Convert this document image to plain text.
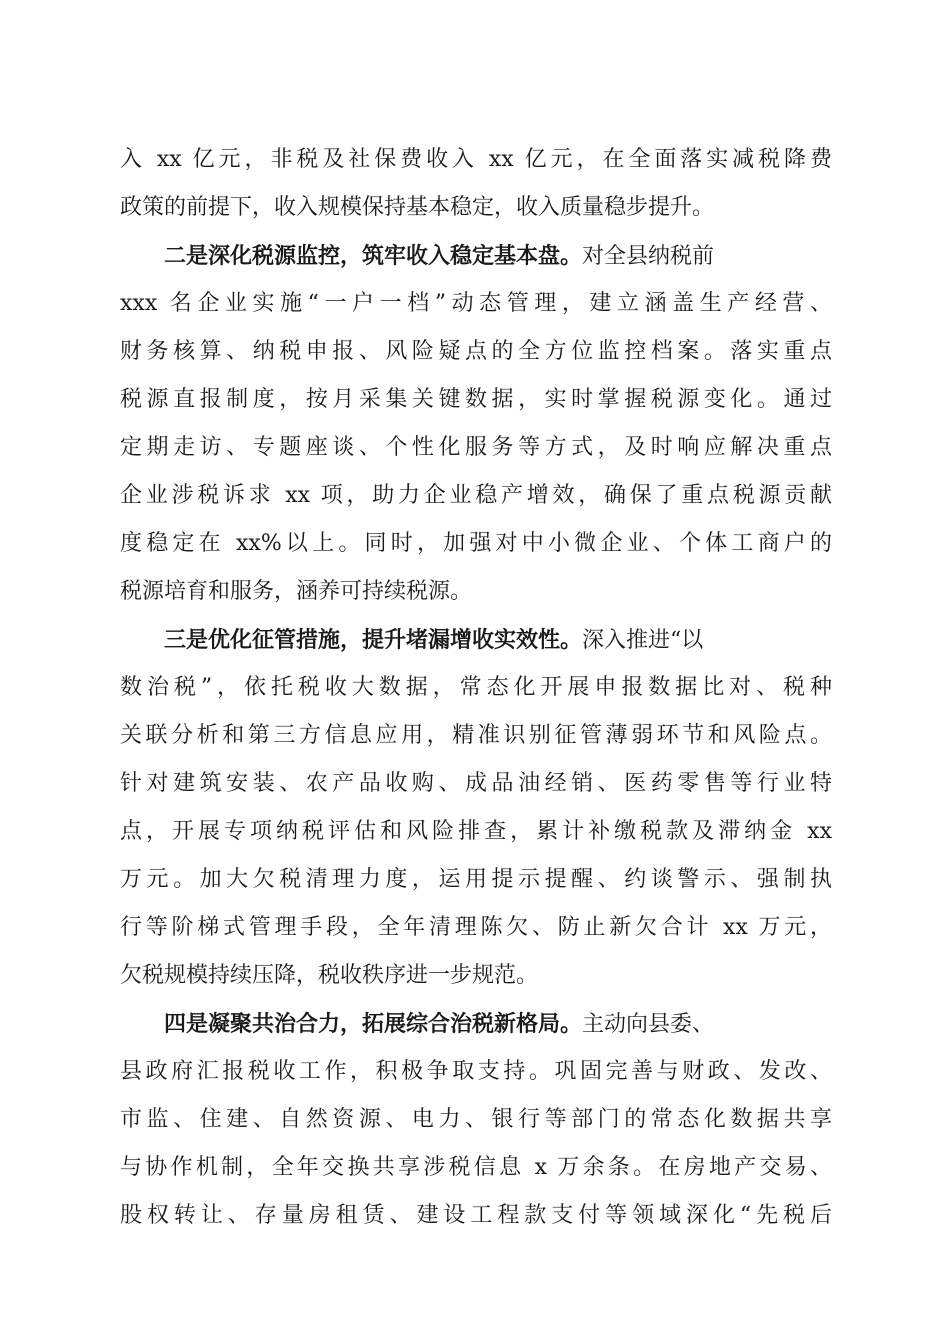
入 xx 亿元，非税及社保费收入 xx 亿元，在全面落实减税降费
政策的前提下，收入规模保持基本稳定，收入质量稳步提升。
二是深化税源监控，筑牢收入稳定基本盘。对全县纳税前
xxx 名企业实施“一户一档”动态管理，建立涵盖生产经营、
财务核算、纳税申报、风险疑点的全方位监控档案。落实重点
税源直报制度，按月采集关键数据，实时掌握税源变化。通过
定期走访、专题座谈、个性化服务等方式，及时响应解决重点
企业涉税诉求 xx 项，助力企业稳产增效，确保了重点税源贡献
度稳定在 xx%以上。同时，加强对中小微企业、个体工商户的
税源培育和服务，涵养可持续税源。
三是优化征管措施，提升堵漏增收实效性。深入推进“以
数治税”，依托税收大数据，常态化开展申报数据比对、税种
关联分析和第三方信息应用，精准识别征管薄弱环节和风险点。
针对建筑安装、农产品收购、成品油经销、医药零售等行业特
点，开展专项纳税评估和风险排查，累计补缴税款及滞纳金 xx
万元。加大欠税清理力度，运用提示提醒、约谈警示、强制执
行等阶梯式管理手段，全年清理陈欠、防止新欠合计 xx 万元，
欠税规模持续压降，税收秩序进一步规范。
四是凝聚共治合力，拓展综合治税新格局。主动向县委、
县政府汇报税收工作，积极争取支持。巩固完善与财政、发改、
市监、住建、自然资源、电力、银行等部门的常态化数据共享
与协作机制，全年交换共享涉税信息 x 万余条。在房地产交易、
股权转让、存量房租赁、建设工程款支付等领域深化“先税后
